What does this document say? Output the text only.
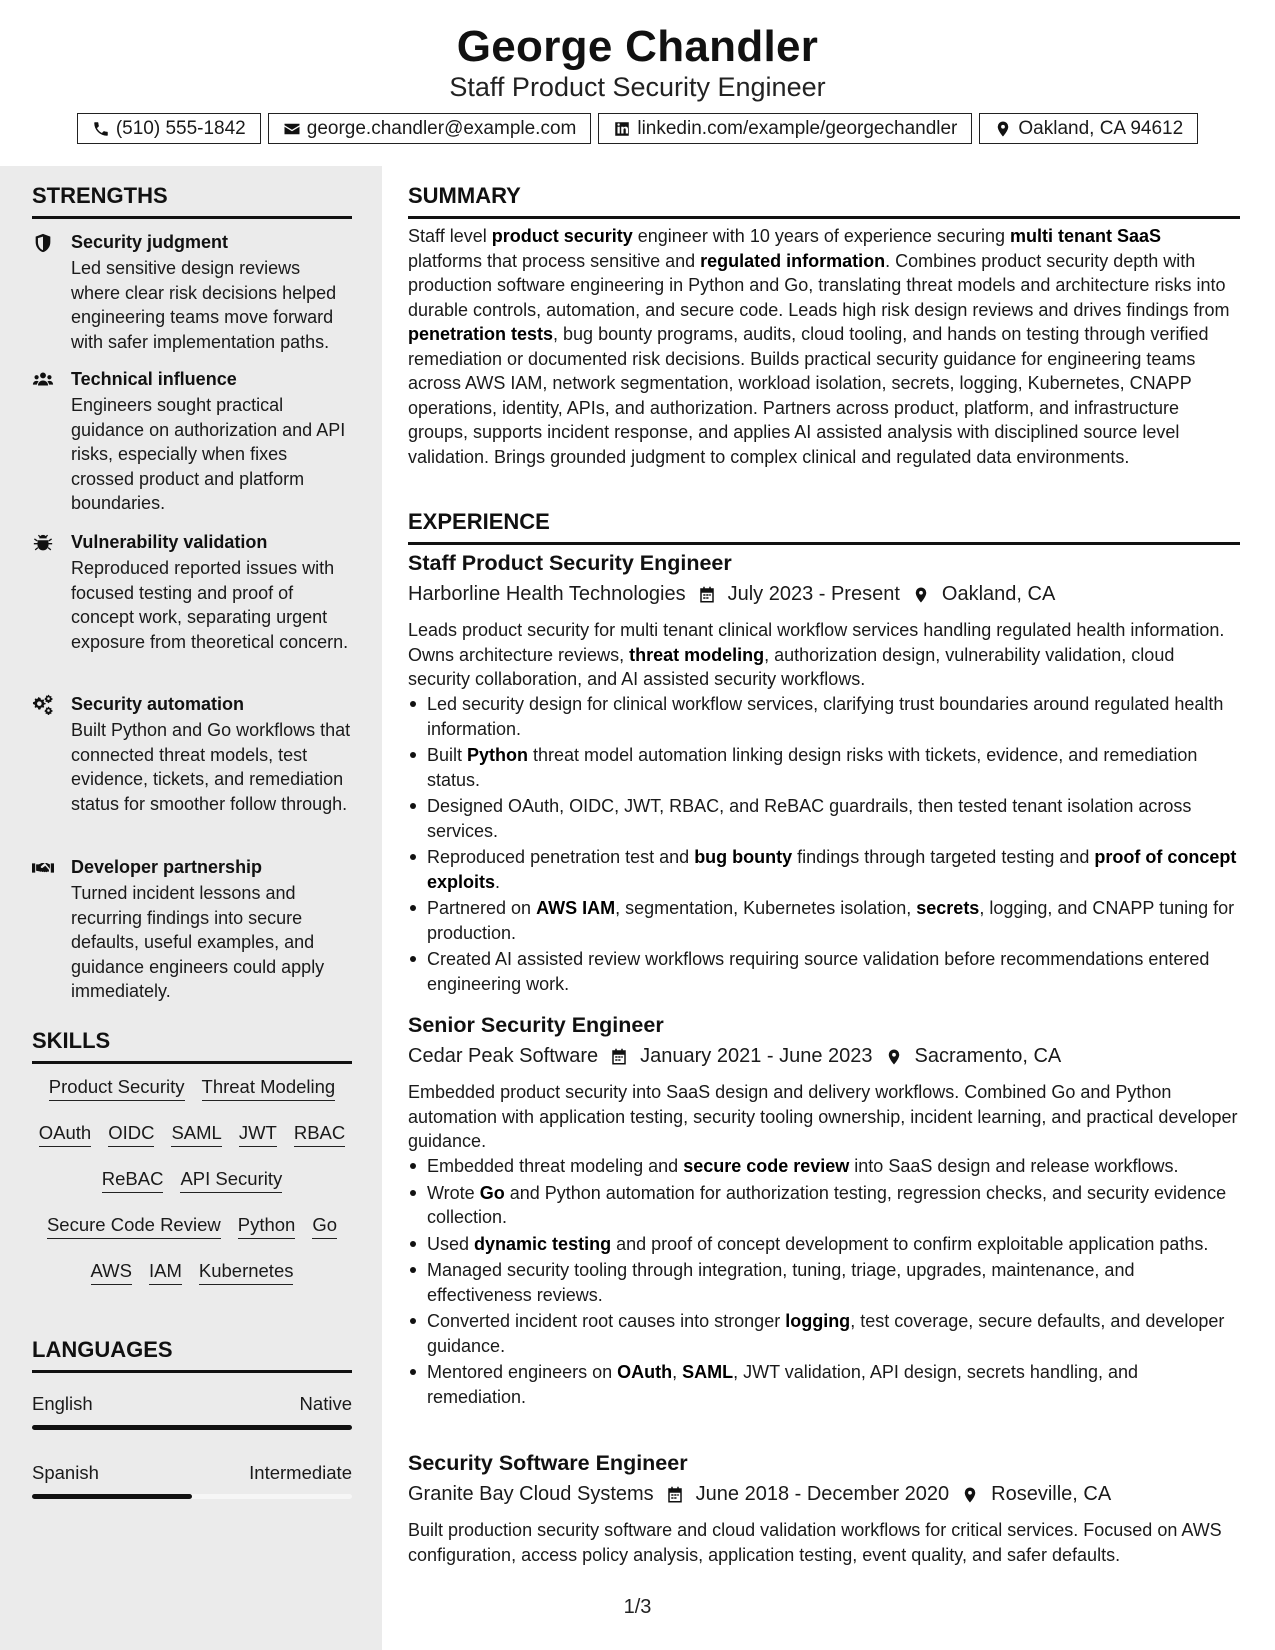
George Chandler
Staff Product Security Engineer
(510) 555-1842	george.chandler@example.com	linkedin.com/example/georgechandler	Oakland, CA 94612
STRENGTHS
Security judgment
Led sensitive design reviews where clear risk decisions helped engineering teams move forward with safer implementation paths.
Technical influence
Engineers sought practical guidance on authorization and API risks, especially when fixes crossed product and platform boundaries.
Vulnerability validation
Reproduced reported issues with focused testing and proof of concept work, separating urgent exposure from theoretical concern.
Security automation
Built Python and Go workflows that connected threat models, test evidence, tickets, and remediation status for smoother follow through.
Developer partnership
Turned incident lessons and recurring findings into secure defaults, useful examples, and guidance engineers could apply immediately.
SKILLS
Product Security Threat Modeling
OAuth OIDC SAML JWT RBAC
ReBAC API Security
Secure Code Review Python Go
AWS IAM Kubernetes
LANGUAGES
English	Native
Spanish	Intermediate
SUMMARY
Staff level product security engineer with 10 years of experience securing multi tenant SaaS platforms that process sensitive and regulated information. Combines product security depth with production software engineering in Python and Go, translating threat models and architecture risks into durable controls, automation, and secure code. Leads high risk design reviews and drives findings from penetration tests, bug bounty programs, audits, cloud tooling, and hands on testing through verified remediation or documented risk decisions. Builds practical security guidance for engineering teams across AWS IAM, network segmentation, workload isolation, secrets, logging, Kubernetes, CNAPP operations, identity, APIs, and authorization. Partners across product, platform, and infrastructure groups, supports incident response, and applies AI assisted analysis with disciplined source level validation. Brings grounded judgment to complex clinical and regulated data environments.
EXPERIENCE
Staff Product Security Engineer
Harborline Health Technologies July 2023 - Present Oakland, CA
Leads product security for multi tenant clinical workflow services handling regulated health information. Owns architecture reviews, threat modeling, authorization design, vulnerability validation, cloud security collaboration, and AI assisted security workflows.
Led security design for clinical workflow services, clarifying trust boundaries around regulated health information.
Built Python threat model automation linking design risks with tickets, evidence, and remediation status.
Designed OAuth, OIDC, JWT, RBAC, and ReBAC guardrails, then tested tenant isolation across services.
Reproduced penetration test and bug bounty findings through targeted testing and proof of concept exploits.
Partnered on AWS IAM, segmentation, Kubernetes isolation, secrets, logging, and CNAPP tuning for production.
Created AI assisted review workflows requiring source validation before recommendations entered engineering work.
Senior Security Engineer
Cedar Peak Software January 2021 - June 2023 Sacramento, CA
Embedded product security into SaaS design and delivery workflows. Combined Go and Python automation with application testing, security tooling ownership, incident learning, and practical developer guidance.
Embedded threat modeling and secure code review into SaaS design and release workflows.
Wrote Go and Python automation for authorization testing, regression checks, and security evidence collection.
Used dynamic testing and proof of concept development to confirm exploitable application paths.
Managed security tooling through integration, tuning, triage, upgrades, maintenance, and effectiveness reviews.
Converted incident root causes into stronger logging, test coverage, secure defaults, and developer guidance.
Mentored engineers on OAuth, SAML, JWT validation, API design, secrets handling, and remediation.
Security Software Engineer
Granite Bay Cloud Systems June 2018 - December 2020 Roseville, CA
Built production security software and cloud validation workflows for critical services. Focused on AWS configuration, access policy analysis, application testing, event quality, and safer defaults.
1/3
